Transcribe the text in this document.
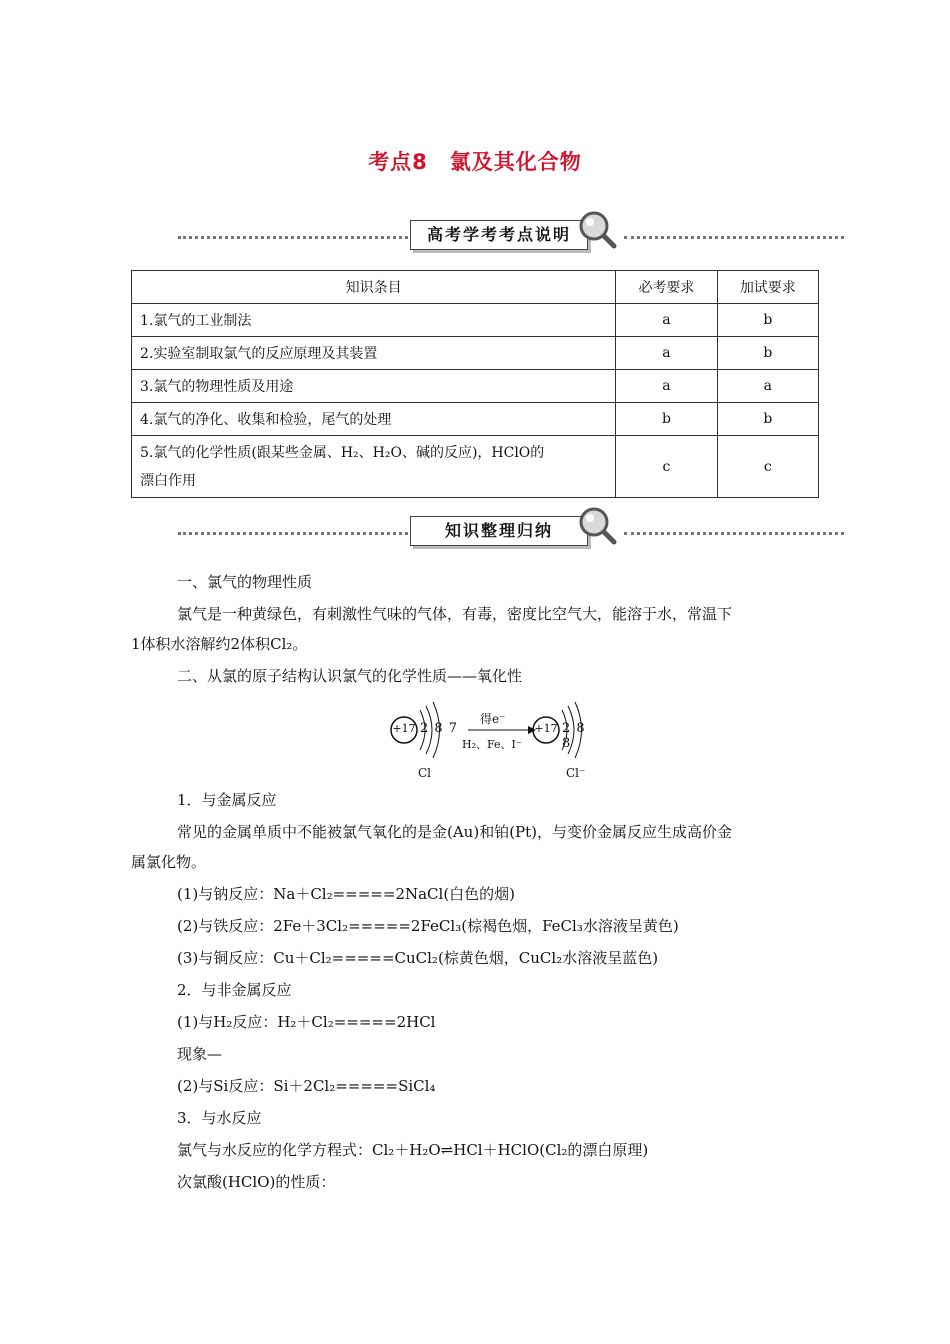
考点8　氯及其化合物
高考学考考点说明
知识条目	必考要求	加试要求
1.氯气的工业制法	a	b
2.实验室制取氯气的反应原理及其装置	a	b
3.氯气的物理性质及用途	a	a
4.氯气的净化、收集和检验，尾气的处理	b	b

5.氯气的化学性质(跟某些金属、H₂、H₂O、碱的反应)，HClO的
漂白作用	c	c
知识整理归纳
一、氯气的物理性质
氯气是一种黄绿色，有刺激性气味的气体，有毒，密度比空气大，能溶于水，常温下
1体积水溶解约2体积Cl₂。
二、从氯的原子结构认识氯气的化学性质——氧化性
+17 2 8 7
Cl
得e⁻
H₂、Fe、I⁻
+17 2 8 8
Cl⁻
1．与金属反应
常见的金属单质中不能被氯气氧化的是金(Au)和铂(Pt)，与变价金属反应生成高价金
属氯化物。
(1)与钠反应：Na＋Cl₂=====2NaCl(白色的烟)
(2)与铁反应：2Fe＋3Cl₂=====2FeCl₃(棕褐色烟，FeCl₃水溶液呈黄色)
(3)与铜反应：Cu＋Cl₂=====CuCl₂(棕黄色烟，CuCl₂水溶液呈蓝色)
2．与非金属反应
(1)与H₂反应：H₂＋Cl₂=====2HCl
现象—
(2)与Si反应：Si＋2Cl₂=====SiCl₄
3．与水反应
氯气与水反应的化学方程式：Cl₂＋H₂O⇌HCl＋HClO(Cl₂的漂白原理)
次氯酸(HClO)的性质：
